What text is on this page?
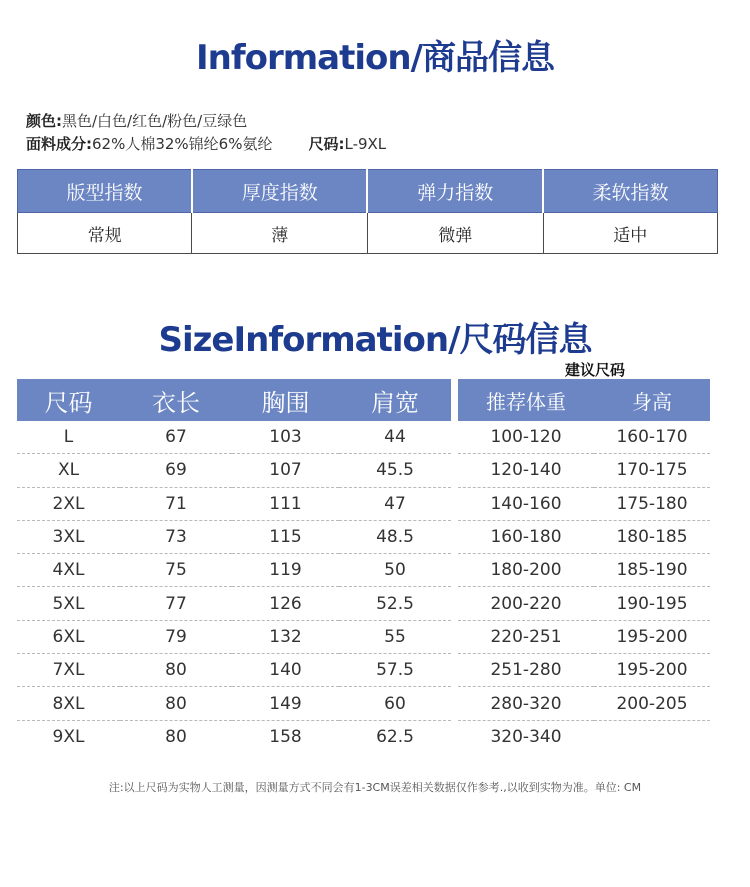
Information/商品信息
颜色:黑色/白色/红色/粉色/豆绿色
面料成分:62%人棉32%锦纶6%氨纶 尺码:L-9XL
版型指数	厚度指数	弹力指数	柔软指数
常规	薄	微弹	适中
SizeInformation/尺码信息
建议尺码
尺码	衣长	胸围	肩宽		推荐体重	身高
L	67	103	44		100-120	160-170
XL	69	107	45.5		120-140	170-175
2XL	71	111	47		140-160	175-180
3XL	73	115	48.5		160-180	180-185
4XL	75	119	50		180-200	185-190
5XL	77	126	52.5		200-220	190-195
6XL	79	132	55		220-251	195-200
7XL	80	140	57.5		251-280	195-200
8XL	80	149	60		280-320	200-205
9XL	80	158	62.5		320-340	
注:以上尺码为实物人工测量，因测量方式不同会有1-3CM误差相关数据仅作参考.,以收到实物为准。单位: CM
